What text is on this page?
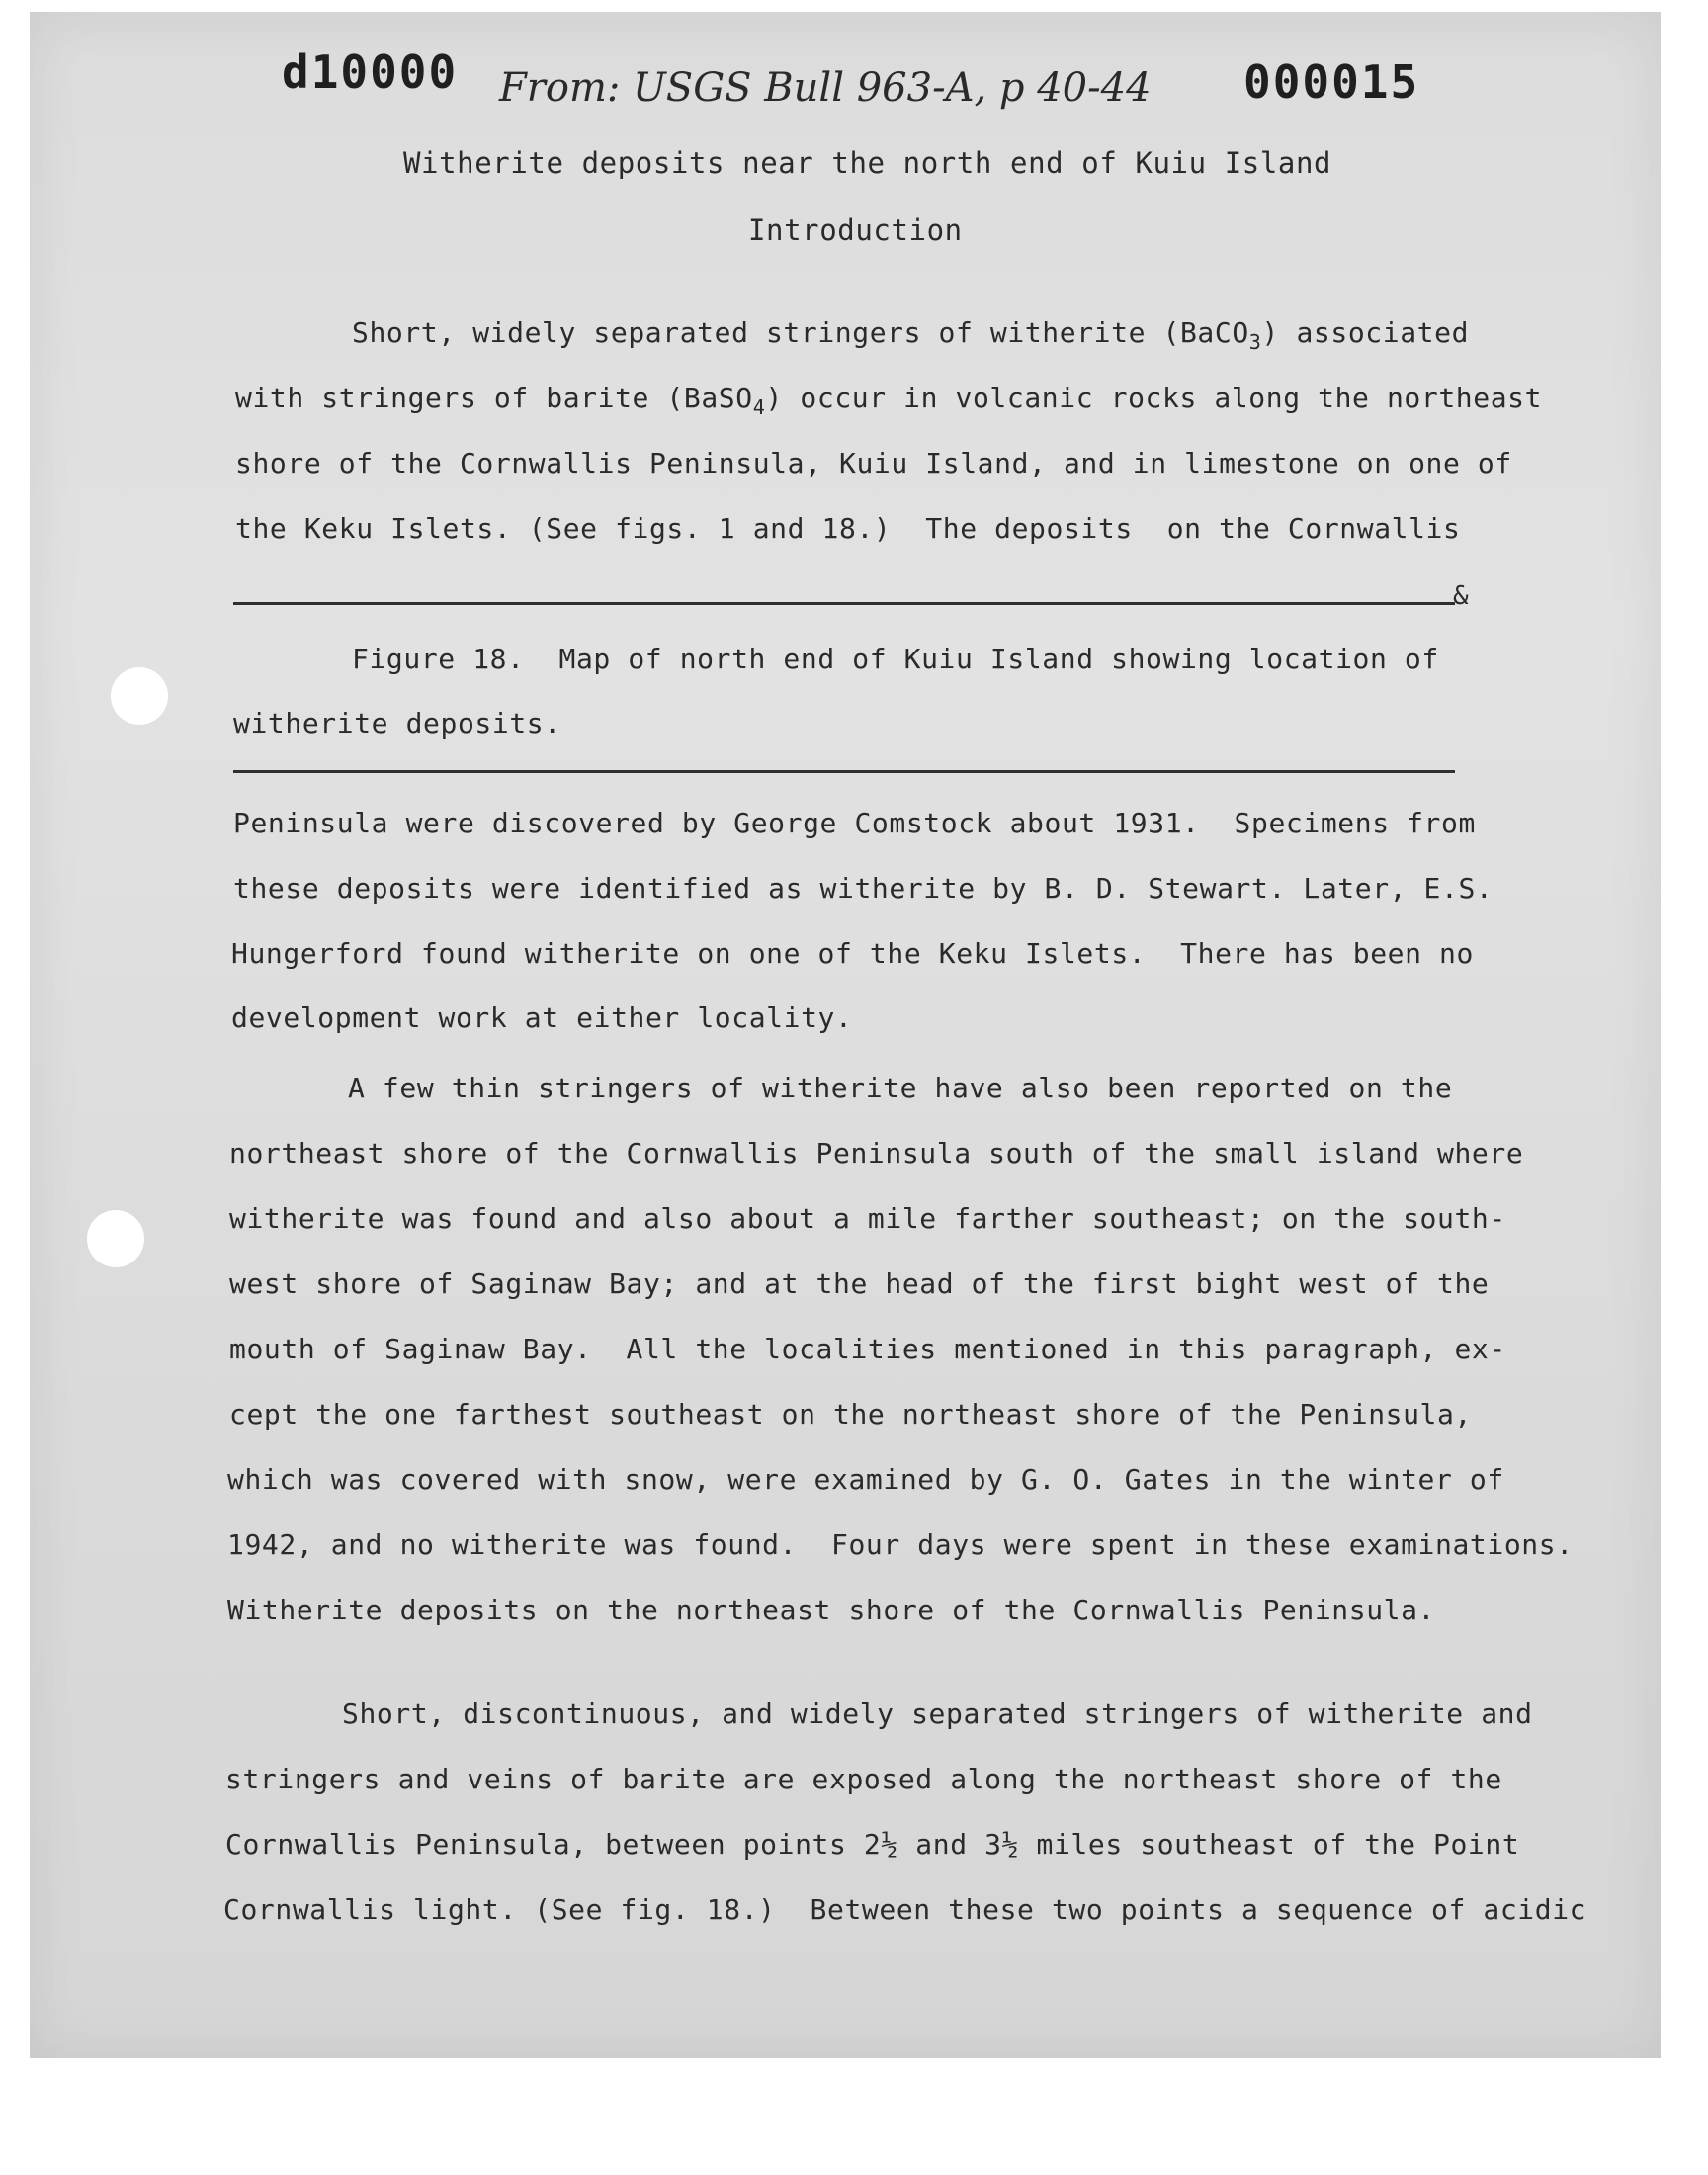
d10000 From: USGS Bull 963-A, p 40-44 000015
Witherite deposits near the north end of Kuiu Island
Introduction
Short, widely separated stringers of witherite (BaCO$_3$) associated
with stringers of barite (BaSO$_4$) occur in volcanic rocks along the northeast
shore of the Cornwallis Peninsula, Kuiu Island, and in limestone on one of
the Keku Islets. (See figs. 1 and 18.)  The deposits  on the Cornwallis
&
Figure 18.  Map of north end of Kuiu Island showing location of
witherite deposits.
Peninsula were discovered by George Comstock about 1931.  Specimens from
these deposits were identified as witherite by B. D. Stewart. Later, E.S.
Hungerford found witherite on one of the Keku Islets.  There has been no
development work at either locality.
A few thin stringers of witherite have also been reported on the
northeast shore of the Cornwallis Peninsula south of the small island where
witherite was found and also about a mile farther southeast; on the south-
west shore of Saginaw Bay; and at the head of the first bight west of the
mouth of Saginaw Bay.  All the localities mentioned in this paragraph, ex-
cept the one farthest southeast on the northeast shore of the Peninsula,
which was covered with snow, were examined by G. O. Gates in the winter of
1942, and no witherite was found.  Four days were spent in these examinations.
Witherite deposits on the northeast shore of the Cornwallis Peninsula.
Short, discontinuous, and widely separated stringers of witherite and
stringers and veins of barite are exposed along the northeast shore of the
Cornwallis Peninsula, between points 2½ and 3½ miles southeast of the Point
Cornwallis light. (See fig. 18.)  Between these two points a sequence of acidic
